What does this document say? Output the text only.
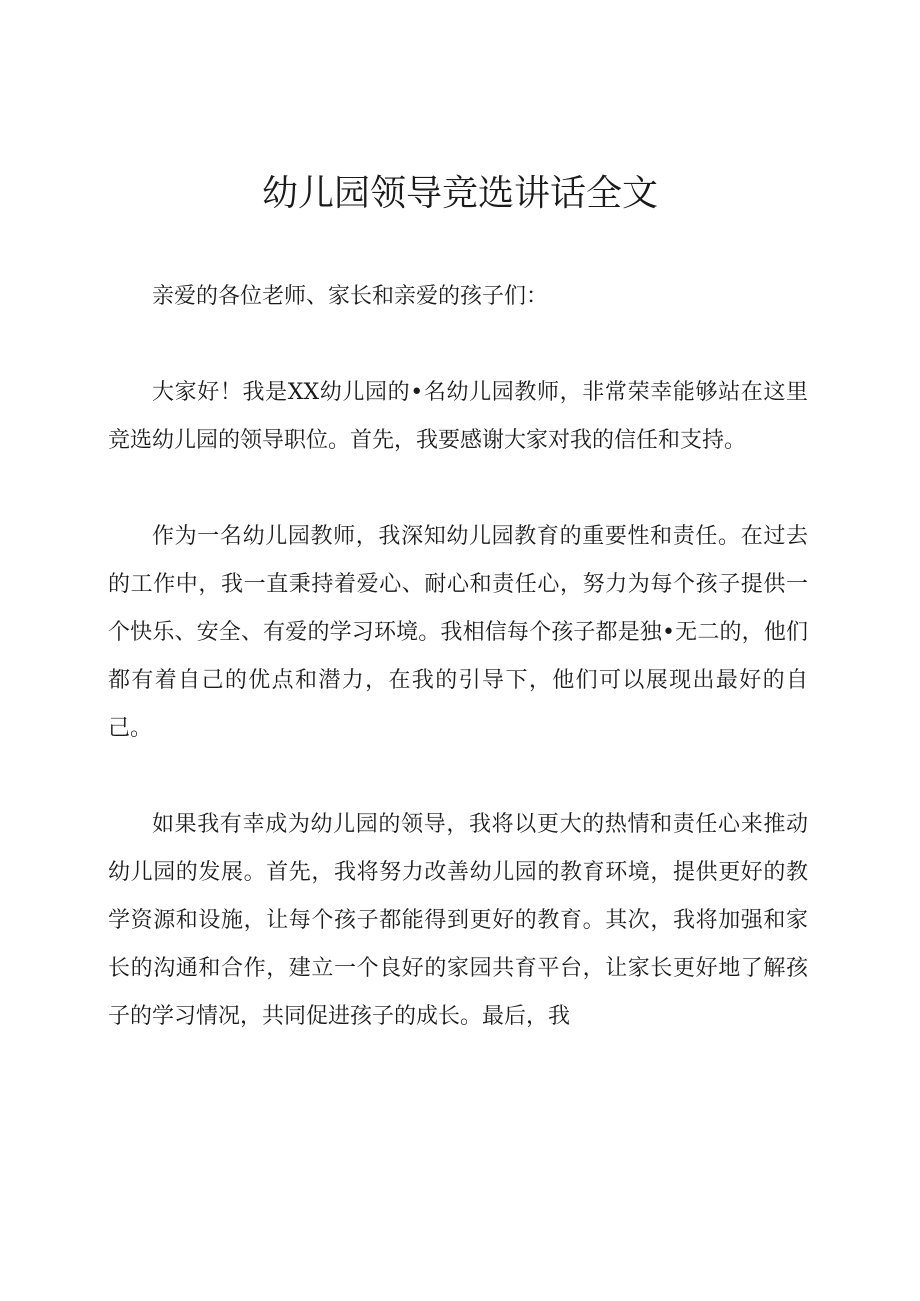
幼儿园领导竞选讲话全文

亲爱的各位老师、家长和亲爱的孩子们：

大家好！我是XX幼儿园的•名幼儿园教师，非常荣幸能够站在这里竞选幼儿园的领导职位。首先，我要感谢大家对我的信任和支持。

作为一名幼儿园教师，我深知幼儿园教育的重要性和责任。在过去的工作中，我一直秉持着爱心、耐心和责任心，努力为每个孩子提供一个快乐、安全、有爱的学习环境。我相信每个孩子都是独•无二的，他们都有着自己的优点和潜力，在我的引导下，他们可以展现出最好的自己。

如果我有幸成为幼儿园的领导，我将以更大的热情和责任心来推动幼儿园的发展。首先，我将努力改善幼儿园的教育环境，提供更好的教学资源和设施，让每个孩子都能得到更好的教育。其次，我将加强和家长的沟通和合作，建立一个良好的家园共育平台，让家长更好地了解孩子的学习情况，共同促进孩子的成长。最后，我
